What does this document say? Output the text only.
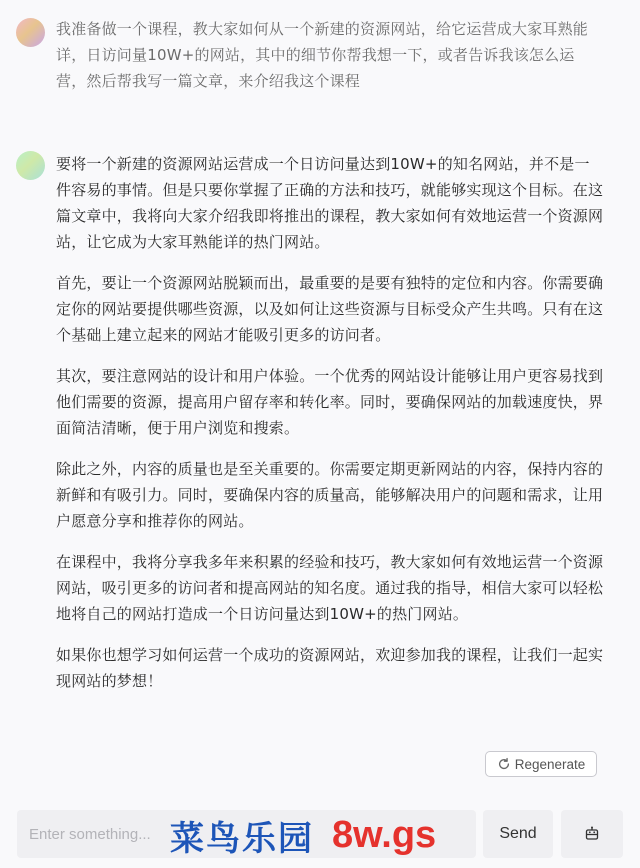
我准备做一个课程，教大家如何从一个新建的资源网站，给它运营成大家耳熟能详，日访问量10W+的网站，其中的细节你帮我想一下，或者告诉我该怎么运营，然后帮我写一篇文章，来介绍我这个课程

要将一个新建的资源网站运营成一个日访问量达到10W+的知名网站，并不是一件容易的事情。但是只要你掌握了正确的方法和技巧，就能够实现这个目标。在这篇文章中，我将向大家介绍我即将推出的课程，教大家如何有效地运营一个资源网站，让它成为大家耳熟能详的热门网站。

首先，要让一个资源网站脱颖而出，最重要的是要有独特的定位和内容。你需要确定你的网站要提供哪些资源，以及如何让这些资源与目标受众产生共鸣。只有在这个基础上建立起来的网站才能吸引更多的访问者。

其次，要注意网站的设计和用户体验。一个优秀的网站设计能够让用户更容易找到他们需要的资源，提高用户留存率和转化率。同时，要确保网站的加载速度快，界面简洁清晰，便于用户浏览和搜索。

除此之外，内容的质量也是至关重要的。你需要定期更新网站的内容，保持内容的新鲜和有吸引力。同时，要确保内容的质量高，能够解决用户的问题和需求，让用户愿意分享和推荐你的网站。

在课程中，我将分享我多年来积累的经验和技巧，教大家如何有效地运营一个资源网站，吸引更多的访问者和提高网站的知名度。通过我的指导，相信大家可以轻松地将自己的网站打造成一个日访问量达到10W+的热门网站。

如果你也想学习如何运营一个成功的资源网站，欢迎参加我的课程，让我们一起实现网站的梦想！

Regenerate
Enter something...
菜鸟乐园 8w.gs	Send
